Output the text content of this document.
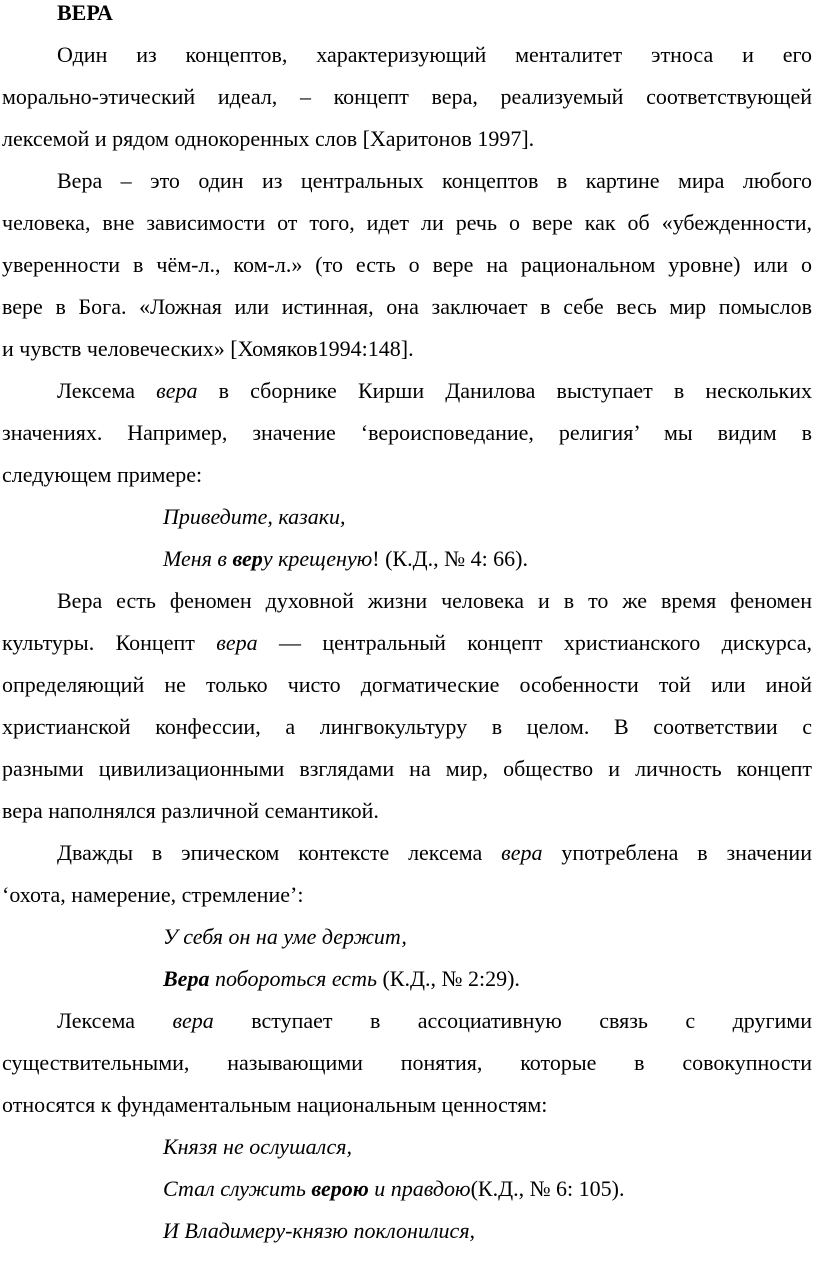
ВЕРА
Один из концептов, характеризующий менталитет этноса и его
морально-этический идеал, – концепт вера, реализуемый соответствующей
лексемой и рядом однокоренных слов [Харитонов 1997].
Вера – это один из центральных концептов в картине мира любого
человека, вне зависимости от того, идет ли речь о вере как об «убежденности,
уверенности в чём-л., ком-л.» (то есть о вере на рациональном уровне) или о
вере в Бога. «Ложная или истинная, она заключает в себе весь мир помыслов
и чувств человеческих» [Хомяков1994:148].
Лексема вера в сборнике Кирши Данилова выступает в нескольких
значениях. Например, значение ‘вероисповедание, религия’ мы видим в
следующем примере:
Приведите, казаки,
Меня в веру крещеную! (К.Д., № 4: 66).
Вера есть феномен духовной жизни человека и в то же время феномен
культуры. Концепт вера — центральный концепт христианского дискурса,
определяющий не только чисто догматические особенности той или иной
христианской конфессии, а лингвокультуру в целом. В соответствии с
разными цивилизационными взглядами на мир, общество и личность концепт
вера наполнялся различной семантикой.
Дважды в эпическом контексте лексема вера употреблена в значении
‘охота, намерение, стремление’:
У себя он на уме держит,
Вера побороться есть (К.Д., № 2:29).
Лексема вера вступает в ассоциативную связь с другими
существительными, называющими понятия, которые в совокупности
относятся к фундаментальным национальным ценностям:
Князя не ослушался,
Стал служить верою и правдою(К.Д., № 6: 105).
И Владимеру-князю поклонилися,
